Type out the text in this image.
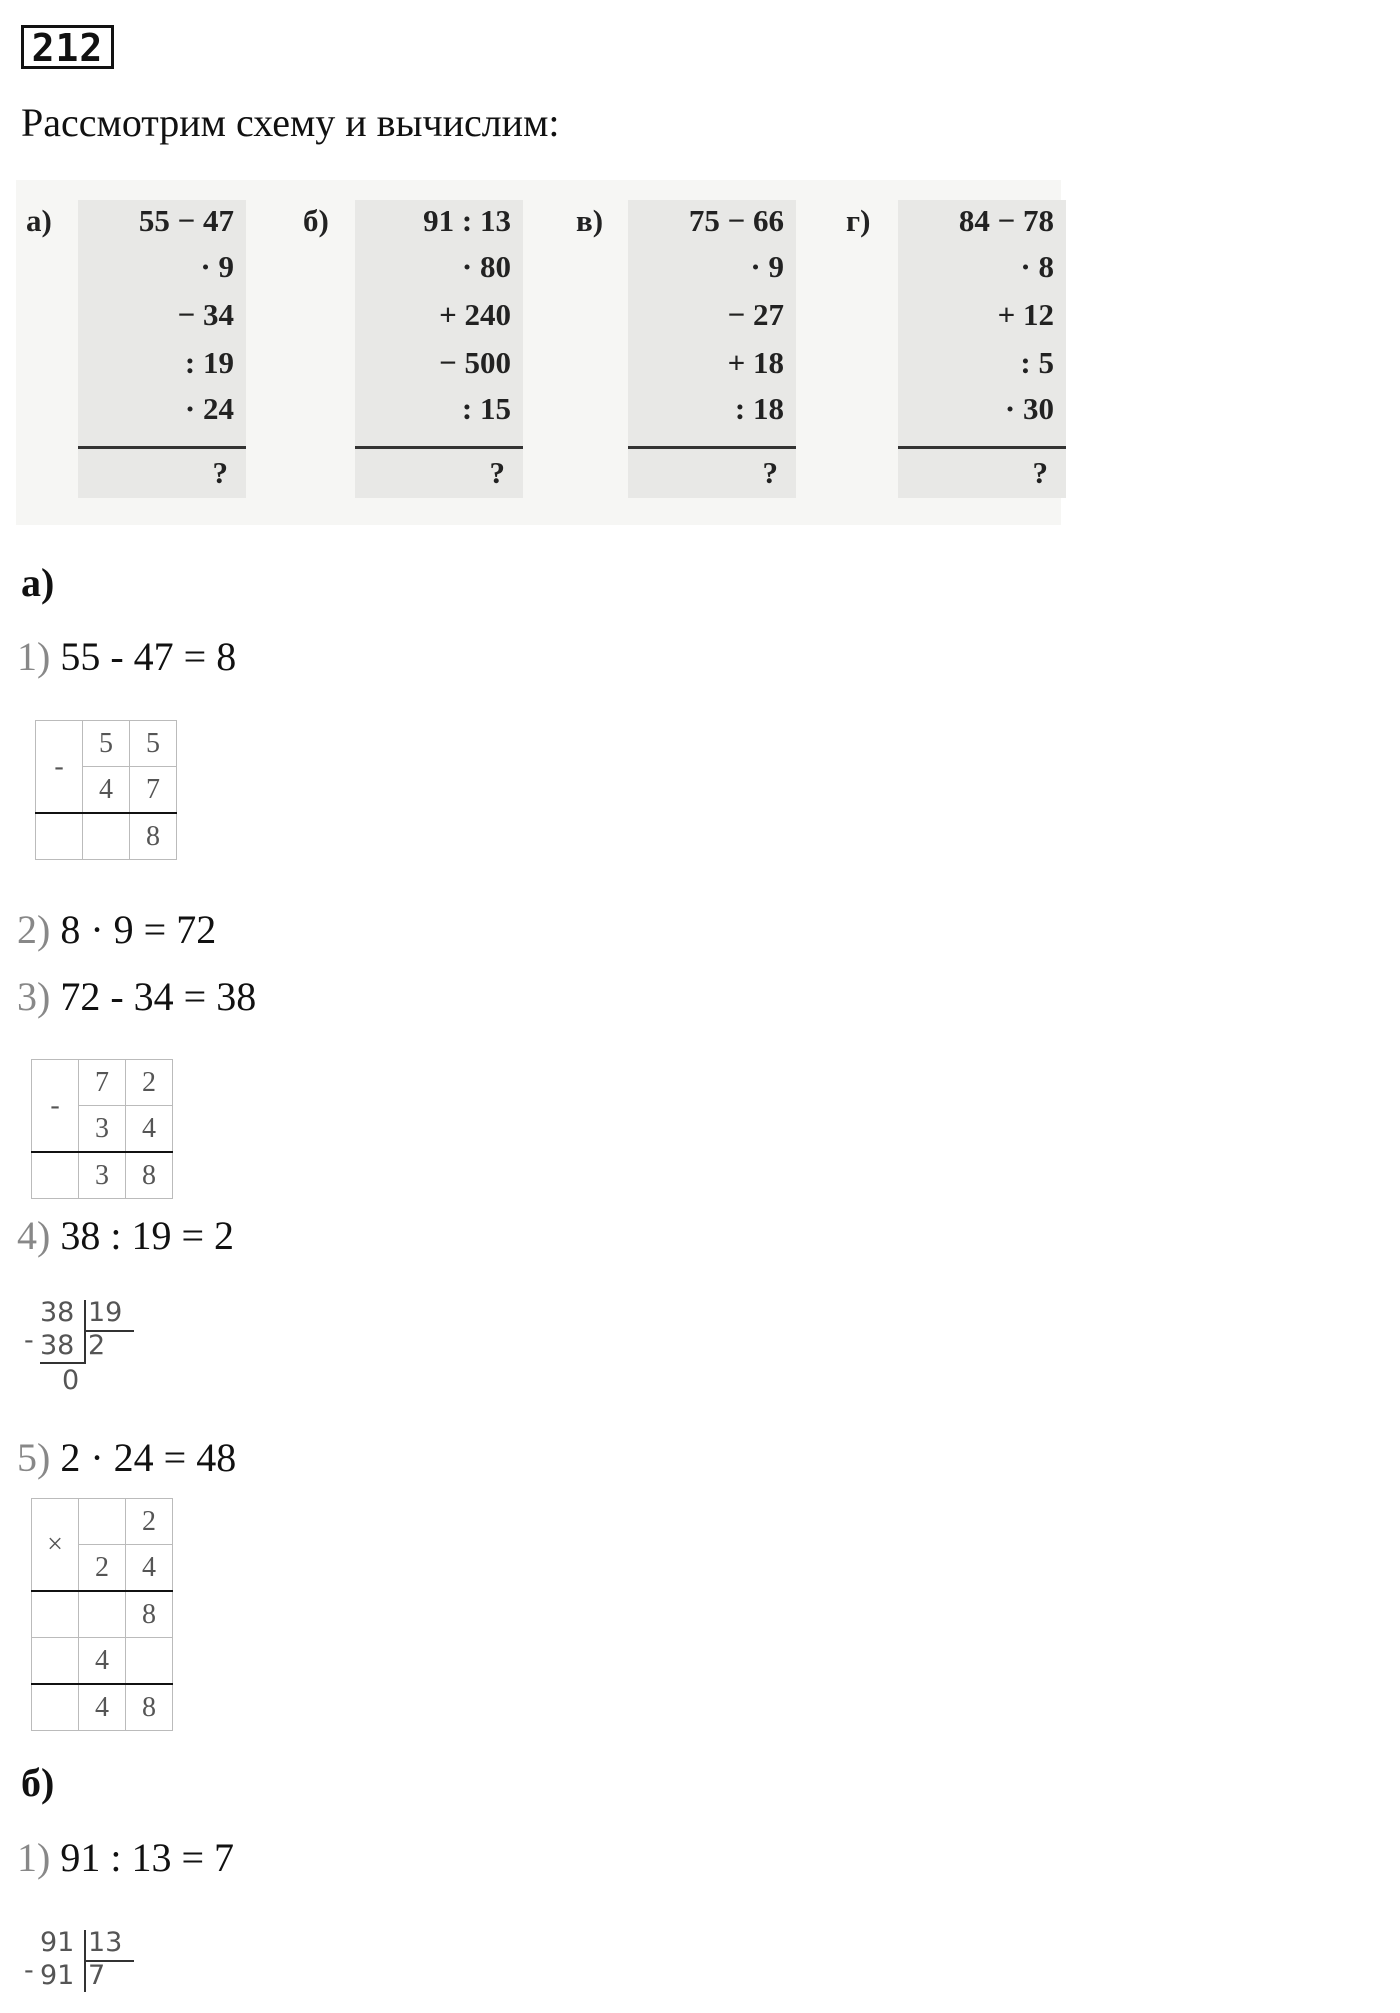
212
Рассмотрим схему и вычислим:
а)	55 − 47
· 9
− 34
: 19
· 24
?
б)	91 : 13
· 80
+ 240
− 500
: 15
?
в)	75 − 66
· 9
− 27
+ 18
: 18
?
г)	84 − 78
· 8
+ 12
: 5
· 30
?
а)
1) 55 - 47 = 8
-	5	5
	4	7
		8
2) 8 · 9 = 72
3) 72 - 34 = 38
-	7	2
	3	4
	3	8
4) 38 : 19 = 2
-
38 19
38 2
0
5) 2 · 24 = 48
×		2
	2	4
		8
	4	
	4	8
б)
1) 91 : 13 = 7
-
91 13
91 7
